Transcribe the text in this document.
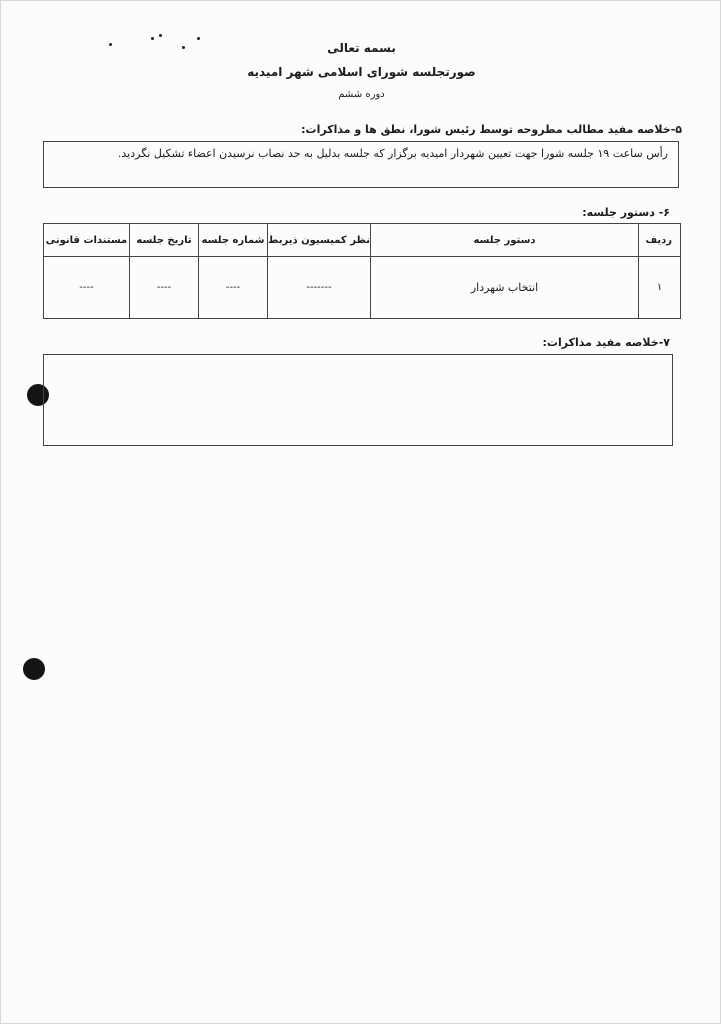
بسمه تعالی
صورتجلسه شورای اسلامی شهر امیدیه
دوره ششم
۵-خلاصه مفید مطالب مطروحه توسط رئیس شورا، نطق ها و مذاکرات:
رأس ساعت ۱۹ جلسه شورا جهت تعیین شهردار امیدیه برگزار که جلسه بدلیل به حد نصاب نرسیدن اعضاء تشکیل نگردید.
۶- دستور جلسه:
ردیف	دستور جلسه	نظر کمیسیون ذیربط	شماره جلسه	تاریخ جلسه	مستندات قانونی
۱	انتخاب شهردار	-------	----	----	----
۷-خلاصه مفید مذاکرات:
